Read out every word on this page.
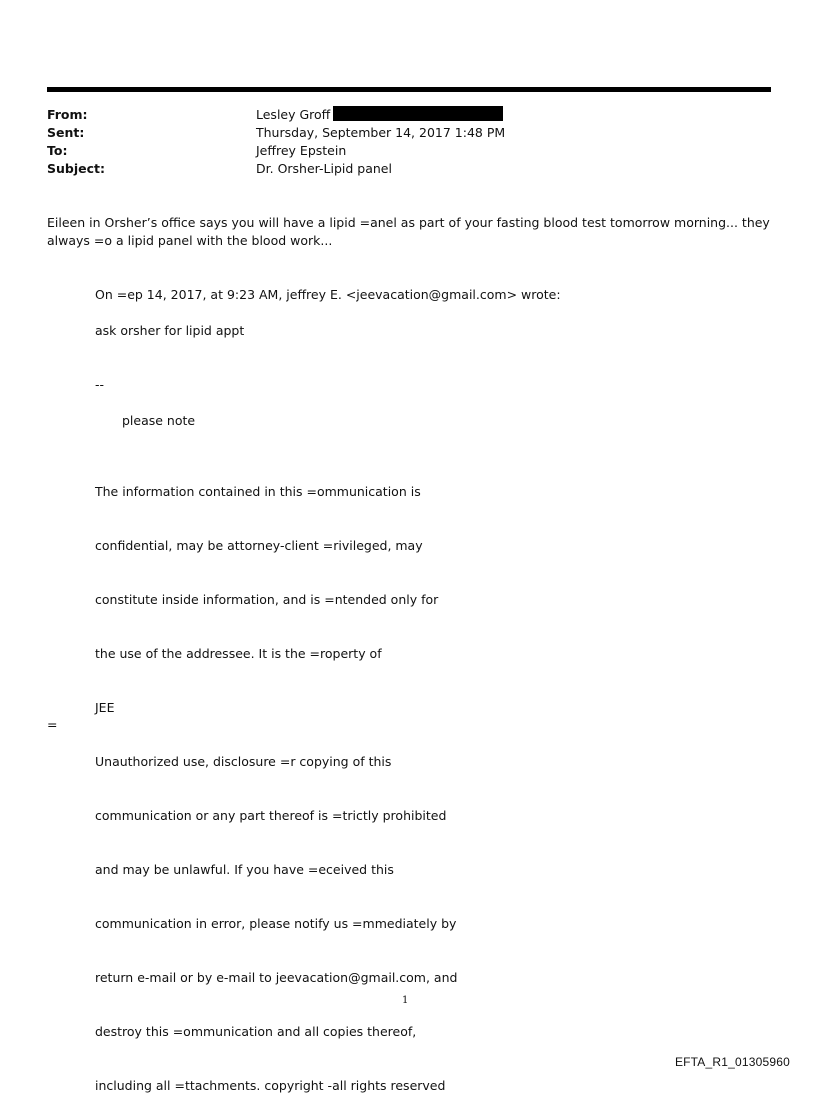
From:	Lesley Groff
Sent:	Thursday, September 14, 2017 1:48 PM
To:	Jeffrey Epstein
Subject:	Dr. Orsher-Lipid panel
Eileen in Orsher’s office says you will have a lipid =anel as part of your fasting blood test tomorrow morning... they
always =o a lipid panel with the blood work...
On =ep 14, 2017, at 9:23 AM, jeffrey E. <jeevacation@gmail.com> wrote:
ask orsher for lipid appt
--
please note

The information contained in this =ommunication is

confidential, may be attorney-client =rivileged, may

constitute inside information, and is =ntended only for

the use of the addressee. It is the =roperty of

JEE

Unauthorized use, disclosure =r copying of this

communication or any part thereof is =trictly prohibited

and may be unlawful. If you have =eceived this

communication in error, please notify us =mmediately by

return e-mail or by e-mail to jeevacation@gmail.com, and

destroy this =ommunication and all copies thereof,

including all =ttachments. copyright -all rights reserved

=
1
EFTA_R1_01305960
